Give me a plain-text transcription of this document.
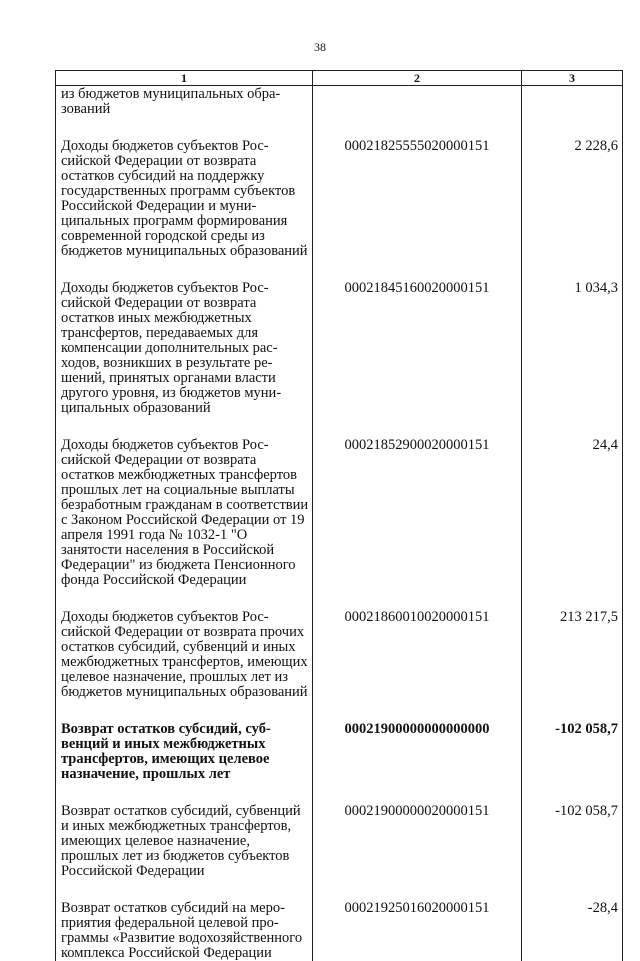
38
1	2	3
из бюджетов муниципальных образований		

Доходы бюджетов субъектов Российской Федерации от возврата остатков субсидий на поддержку государственных программ субъектов Российской Федерации и муниципальных программ формирования современной городской среды из бюджетов муниципальных образований	00021825555020000151	2 228,6

Доходы бюджетов субъектов Российской Федерации от возврата остатков иных межбюджетных трансфертов, передаваемых для компенсации дополнительных расходов, возникших в результате решений, принятых органами власти другого уровня, из бюджетов муниципальных образований	00021845160020000151	1 034,3

Доходы бюджетов субъектов Российской Федерации от возврата остатков межбюджетных трансфертов прошлых лет на социальные выплаты безработным гражданам в соответствии с Законом Российской Федерации от 19 апреля 1991 года № 1032-1 "О занятости населения в Российской Федерации" из бюджета Пенсионного фонда Российской Федерации	00021852900020000151	24,4

Доходы бюджетов субъектов Российской Федерации от возврата прочих остатков субсидий, субвенций и иных межбюджетных трансфертов, имеющих целевое назначение, прошлых лет из бюджетов муниципальных образований	00021860010020000151	213 217,5

Возврат остатков субсидий, субвенций и иных межбюджетных трансфертов, имеющих целевое назначение, прошлых лет	00021900000000000000	-102 058,7

Возврат остатков субсидий, субвенций и иных межбюджетных трансфертов, имеющих целевое назначение, прошлых лет из бюджетов субъектов Российской Федерации	00021900000020000151	-102 058,7

Возврат остатков субсидий на мероприятия федеральной целевой программы «Развитие водохозяйственного комплекса Российской Федерации	00021925016020000151	-28,4
